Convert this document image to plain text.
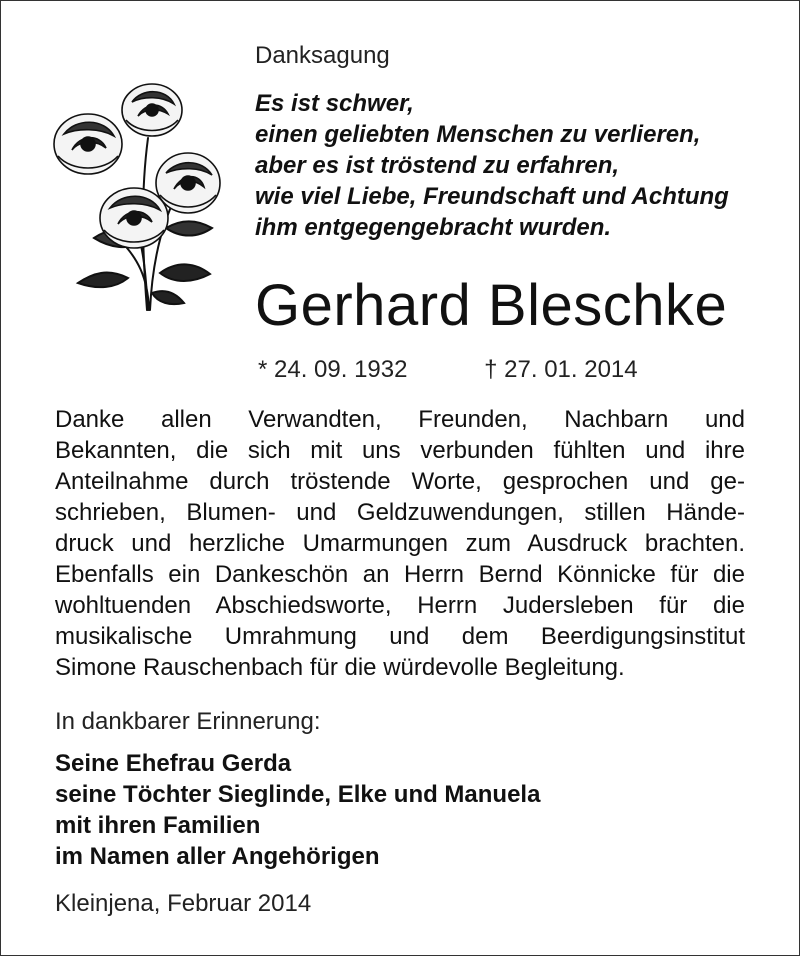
Danksagung
Es ist schwer,
einen geliebten Menschen zu verlieren,
aber es ist tröstend zu erfahren,
wie viel Liebe, Freundschaft und Achtung
ihm entgegengebracht wurden.
Gerhard Bleschke
* 24. 09. 1932	† 27. 01. 2014
Danke allen Verwandten, Freunden, Nachbarn und
Bekannten, die sich mit uns verbunden fühlten und ihre
Anteilnahme durch tröstende Worte, gesprochen und ge-
schrieben, Blumen- und Geldzuwendungen, stillen Hände-
druck und herzliche Umarmungen zum Ausdruck brachten.
Ebenfalls ein Dankeschön an Herrn Bernd Könnicke für die
wohltuenden Abschiedsworte, Herrn Judersleben für die
musikalische Umrahmung und dem Beerdigungsinstitut
Simone Rauschenbach für die würdevolle Begleitung.
In dankbarer Erinnerung:
Seine Ehefrau Gerda
seine Töchter Sieglinde, Elke und Manuela
mit ihren Familien
im Namen aller Angehörigen
Kleinjena, Februar 2014
